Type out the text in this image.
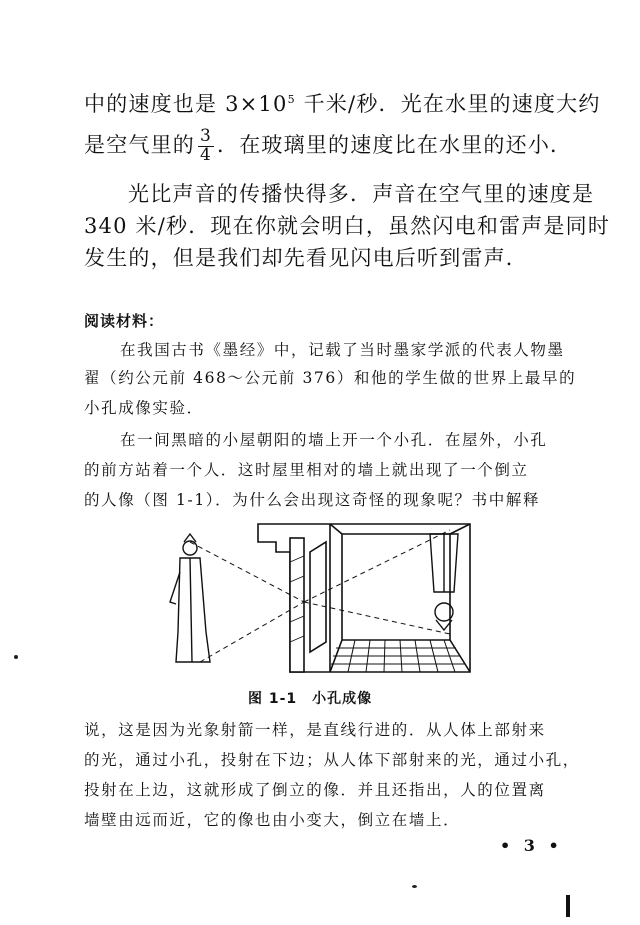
中的速度也是 $3\times 10^5$ 千米/秒．光在水里的速度大约
是空气里的 $\frac{3}{4}$ ．在玻璃里的速度比在水里的还小．
光比声音的传播快得多．声音在空气里的速度是
340 米/秒．现在你就会明白，虽然闪电和雷声是同时
发生的，但是我们却先看见闪电后听到雷声．
阅读材料：
在我国古书《墨经》中，记载了当时墨家学派的代表人物墨
翟（约公元前 468～公元前 376）和他的学生做的世界上最早的
小孔成像实验．
在一间黑暗的小屋朝阳的墙上开一个小孔．在屋外，小孔
的前方站着一个人．这时屋里相对的墙上就出现了一个倒立
的人像（图 1-1）．为什么会出现这奇怪的现象呢？书中解释
图 1-1　小孔成像
说，这是因为光象射箭一样，是直线行进的．从人体上部射来
的光，通过小孔，投射在下边；从人体下部射来的光，通过小孔，
投射在上边，这就形成了倒立的像．并且还指出，人的位置离
墙壁由远而近，它的像也由小变大，倒立在墙上．
• 3 •
